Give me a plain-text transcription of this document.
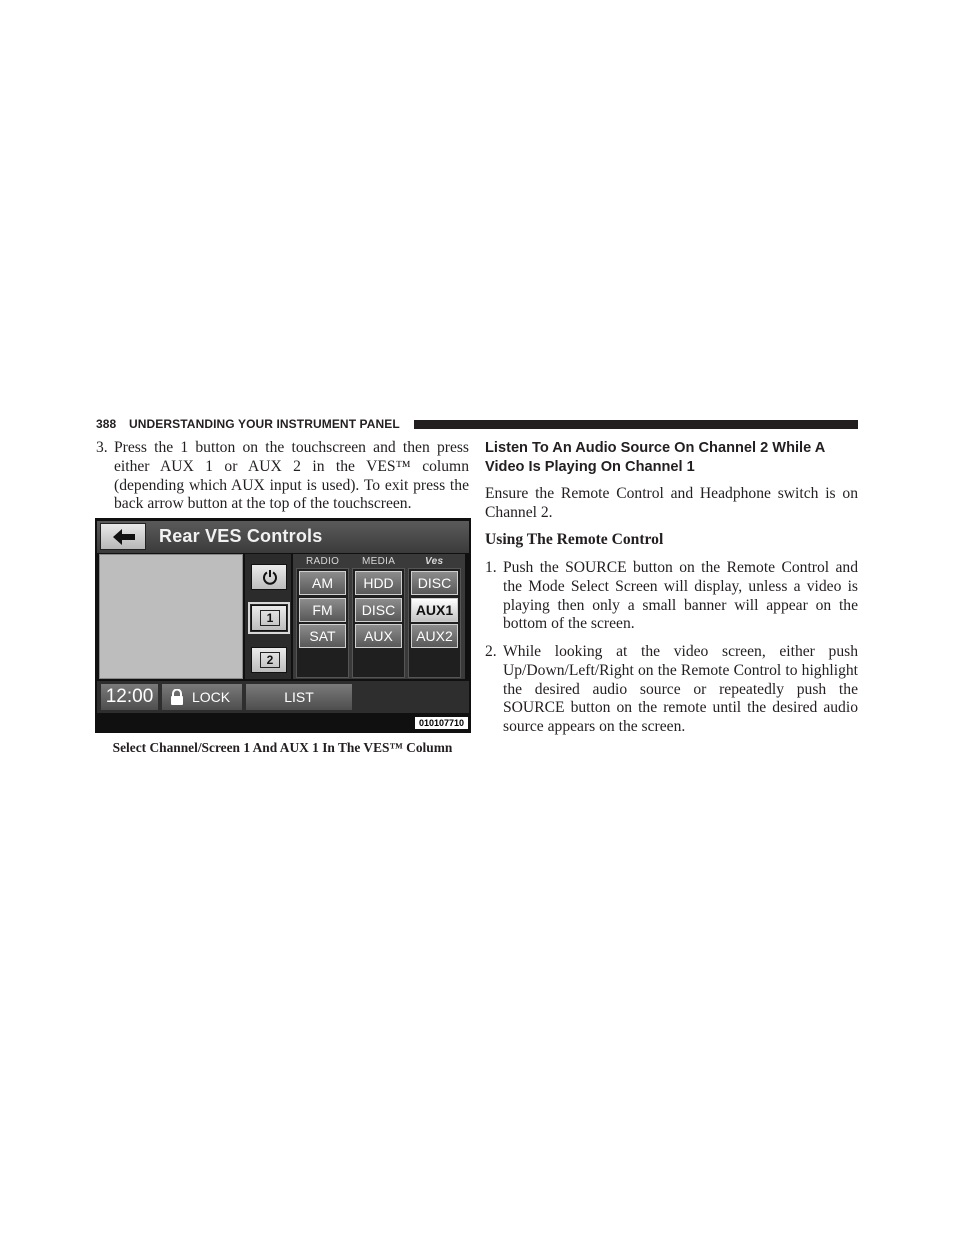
388 UNDERSTANDING YOUR INSTRUMENT PANEL
3. Press the 1 button on the touchscreen and then press either AUX 1 or AUX 2 in the VES™ column (depending which AUX input is used). To exit press the back arrow button at the top of the touchscreen.
Rear VES Controls
1
2
RADIO MEDIA	Ves
AM
FM
SAT
HDD
DISC
AUX
DISC
AUX1
AUX2
12:00	LOCK	LIST
010107710
Select Channel/Screen 1 And AUX 1 In The VES™ Column
Listen To An Audio Source On Channel 2 While A Video Is Playing On Channel 1
Ensure the Remote Control and Headphone switch is on Channel 2.
Using The Remote Control
1. Push the SOURCE button on the Remote Control and the Mode Select Screen will display, unless a video is playing then only a small banner will appear on the bottom of the screen.
2. While looking at the video screen, either push Up/Down/Left/Right on the Remote Control to highlight the desired audio source or repeatedly push the SOURCE button on the remote until the desired audio source appears on the screen.
